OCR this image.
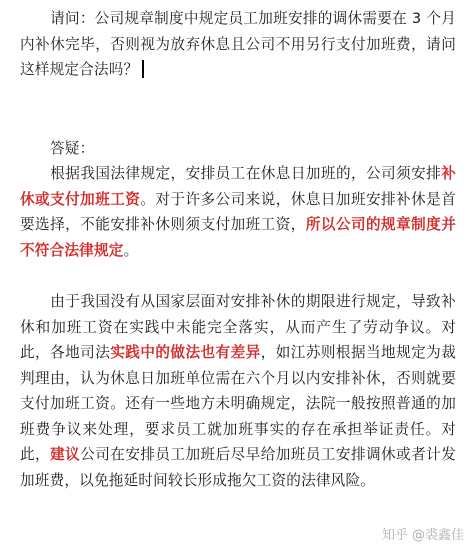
请问：公司规章制度中规定员工加班安排的调休需要在 3 个月内补休完毕，否则视为放弃休息且公司不用另行支付加班费，请问这样规定合法吗？

答疑：

根据我国法律规定，安排员工在休息日加班的，公司须安排补休或支付加班工资。对于许多公司来说，休息日加班安排补休是首要选择，不能安排补休则须支付加班工资，所以公司的规章制度并不符合法律规定。

由于我国没有从国家层面对安排补休的期限进行规定，导致补休和加班工资在实践中未能完全落实，从而产生了劳动争议。对此，各地司法实践中的做法也有差异，如江苏则根据当地规定为裁判理由，认为休息日加班单位需在六个月以内安排补休，否则就要支付加班工资。还有一些地方未明确规定，法院一般按照普通的加班费争议来处理，要求员工就加班事实的存在承担举证责任。对此，建议公司在安排员工加班后尽早给加班员工安排调休或者计发加班费，以免拖延时间较长形成拖欠工资的法律风险。

知乎 @裘鑫佳
